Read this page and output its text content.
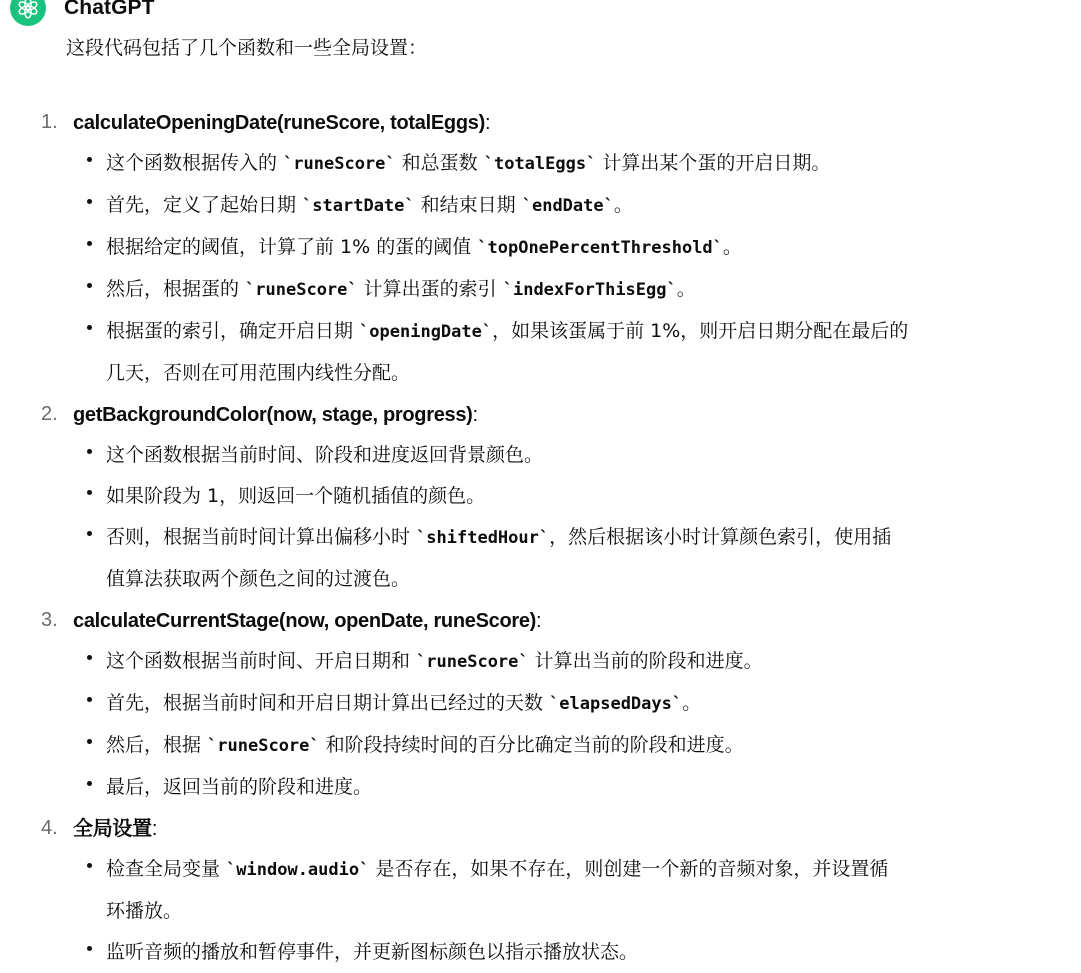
ChatGPT
这段代码包括了几个函数和一些全局设置：
1. calculateOpeningDate(runeScore, totalEggs):
这个函数根据传入的 `runeScore` 和总蛋数 `totalEggs` 计算出某个蛋的开启日期。
首先，定义了起始日期 `startDate` 和结束日期 `endDate`。
根据给定的阈值，计算了前 1% 的蛋的阈值 `topOnePercentThreshold`。
然后，根据蛋的 `runeScore` 计算出蛋的索引 `indexForThisEgg`。
根据蛋的索引，确定开启日期 `openingDate`，如果该蛋属于前 1%，则开启日期分配在最后的
几天，否则在可用范围内线性分配。
2. getBackgroundColor(now, stage, progress):
这个函数根据当前时间、阶段和进度返回背景颜色。
如果阶段为 1，则返回一个随机插值的颜色。
否则，根据当前时间计算出偏移小时 `shiftedHour`，然后根据该小时计算颜色索引，使用插
值算法获取两个颜色之间的过渡色。
3. calculateCurrentStage(now, openDate, runeScore):
这个函数根据当前时间、开启日期和 `runeScore` 计算出当前的阶段和进度。
首先，根据当前时间和开启日期计算出已经过的天数 `elapsedDays`。
然后，根据 `runeScore` 和阶段持续时间的百分比确定当前的阶段和进度。
最后，返回当前的阶段和进度。
4. 全局设置:
检查全局变量 `window.audio` 是否存在，如果不存在，则创建一个新的音频对象，并设置循
环播放。
监听音频的播放和暂停事件，并更新图标颜色以指示播放状态。
